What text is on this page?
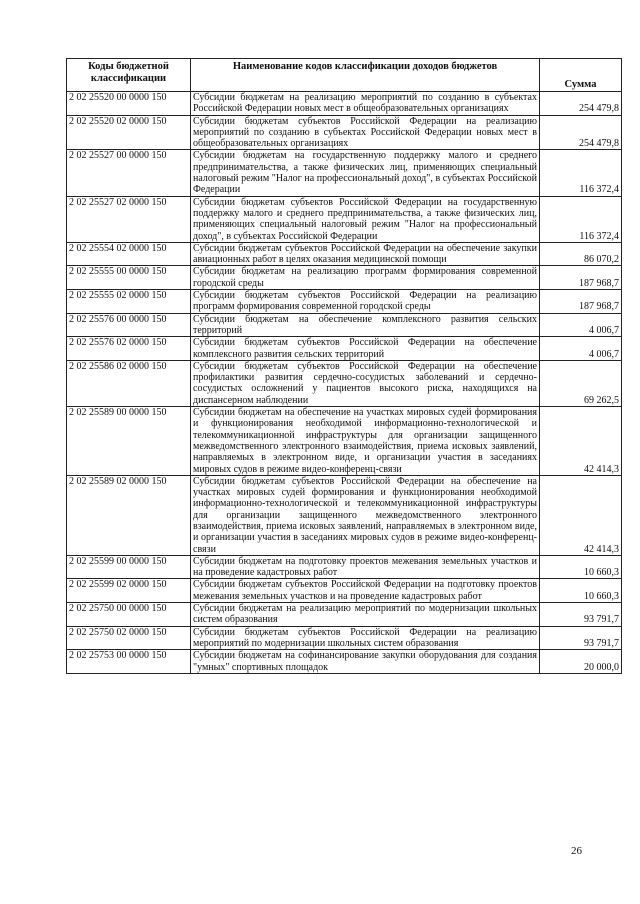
Коды бюджетной классификации	Наименование кодов классификации доходов бюджетов	Сумма
2 02 25520 00 0000 150	Субсидии бюджетам на реализацию мероприятий по созданию в субъектах Российской Федерации новых мест в общеобразовательных организациях	254 479,8
2 02 25520 02 0000 150	Субсидии бюджетам субъектов Российской Федерации на реализацию мероприятий по созданию в субъектах Российской Федерации новых мест в общеобразовательных организациях	254 479,8
2 02 25527 00 0000 150	Субсидии бюджетам на государственную поддержку малого и среднего предпринимательства, а также физических лиц, применяющих специальный налоговый режим "Налог на профессиональный доход", в субъектах Российской Федерации	116 372,4
2 02 25527 02 0000 150	Субсидии бюджетам субъектов Российской Федерации на государственную поддержку малого и среднего предпринимательства, а также физических лиц, применяющих специальный налоговый режим "Налог на профессиональный доход", в субъектах Российской Федерации	116 372,4
2 02 25554 02 0000 150	Субсидии бюджетам субъектов Российской Федерации на обеспечение закупки авиационных работ в целях оказания медицинской помощи	86 070,2
2 02 25555 00 0000 150	Субсидии бюджетам на реализацию программ формирования современной городской среды	187 968,7
2 02 25555 02 0000 150	Субсидии бюджетам субъектов Российской Федерации на реализацию программ формирования современной городской среды	187 968,7
2 02 25576 00 0000 150	Субсидии бюджетам на обеспечение комплексного развития сельских территорий	4 006,7
2 02 25576 02 0000 150	Субсидии бюджетам субъектов Российской Федерации на обеспечение комплексного развития сельских территорий	4 006,7
2 02 25586 02 0000 150	Субсидии бюджетам субъектов Российской Федерации на обеспечение профилактики развития сердечно-сосудистых заболеваний и сердечно-сосудистых осложнений у пациентов высокого риска, находящихся на диспансерном наблюдении	69 262,5
2 02 25589 00 0000 150	Субсидии бюджетам на обеспечение на участках мировых судей формирования и функционирования необходимой информационно-технологической и телекоммуникационной инфраструктуры для организации защищенного межведомственного электронного взаимодействия, приема исковых заявлений, направляемых в электронном виде, и организации участия в заседаниях мировых судов в режиме видео-конференц-связи	42 414,3
2 02 25589 02 0000 150	Субсидии бюджетам субъектов Российской Федерации на обеспечение на участках мировых судей формирования и функционирования необходимой информационно-технологической и телекоммуникационной инфраструктуры для организации защищенного межведомственного электронного взаимодействия, приема исковых заявлений, направляемых в электронном виде, и организации участия в заседаниях мировых судов в режиме видео-конференц-связи	42 414,3
2 02 25599 00 0000 150	Субсидии бюджетам на подготовку проектов межевания земельных участков и на проведение кадастровых работ	10 660,3
2 02 25599 02 0000 150	Субсидии бюджетам субъектов Российской Федерации на подготовку проектов межевания земельных участков и на проведение кадастровых работ	10 660,3
2 02 25750 00 0000 150	Субсидии бюджетам на реализацию мероприятий по модернизации школьных систем образования	93 791,7
2 02 25750 02 0000 150	Субсидии бюджетам субъектов Российской Федерации на реализацию мероприятий по модернизации школьных систем образования	93 791,7
2 02 25753 00 0000 150	Субсидии бюджетам на софинансирование закупки оборудования для создания "умных" спортивных площадок	20 000,0
26
